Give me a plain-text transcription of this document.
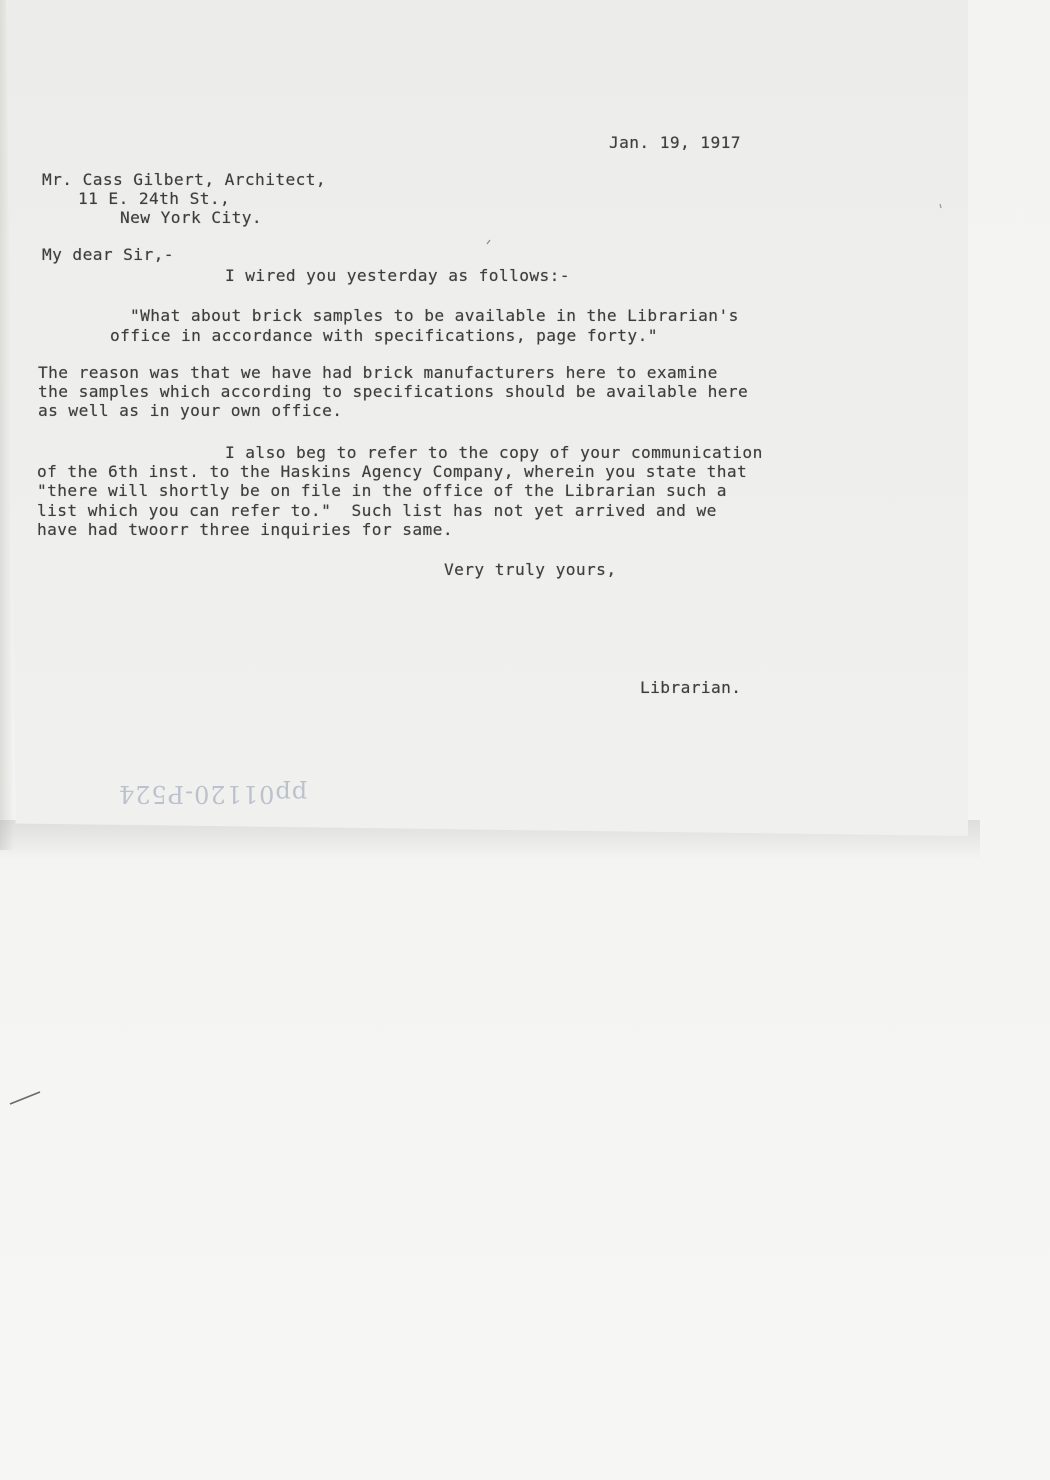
Jan. 19, 1917
Mr. Cass Gilbert, Architect,
11 E. 24th St.,
New York City.
My dear Sir,-
I wired you yesterday as follows:-
"What about brick samples to be available in the Librarian's
office in accordance with specifications, page forty."
The reason was that we have had brick manufacturers here to examine
the samples which according to specifications should be available here
as well as in your own office.
I also beg to refer to the copy of your communication
of the 6th inst. to the Haskins Agency Company, wherein you state that
"there will shortly be on file in the office of the Librarian such a
list which you can refer to."  Such list has not yet arrived and we
have had twoorr three inquiries for same.
Very truly yours,
Librarian.
pp01120-P524
